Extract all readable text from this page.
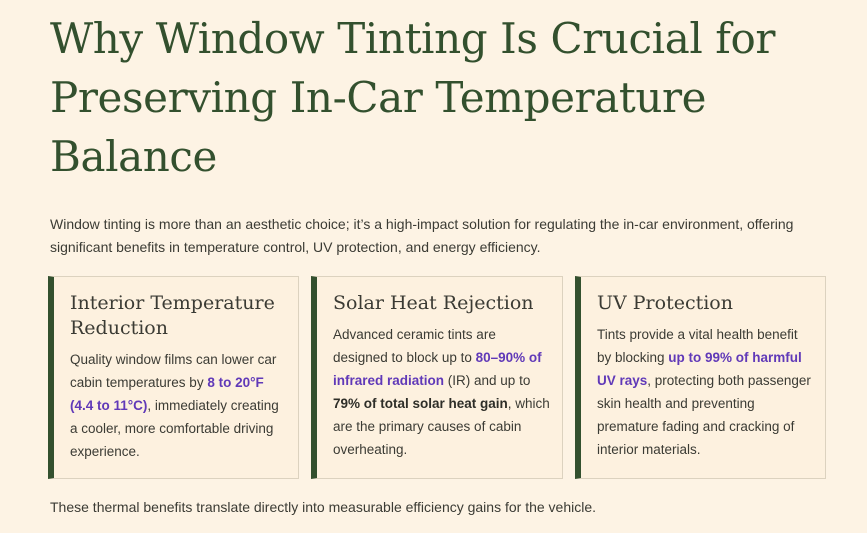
Why Window Tinting Is Crucial for Preserving In-Car Temperature Balance

Window tinting is more than an aesthetic choice; it’s a high-impact solution for regulating the in-car environment, offering significant benefits in temperature control, UV protection, and energy efficiency.

Interior Temperature Reduction

Quality window films can lower car cabin temperatures by 8 to 20°F (4.4 to 11°C), immediately creating a cooler, more comfortable driving experience.

Solar Heat Rejection

Advanced ceramic tints are designed to block up to 80–90% of infrared radiation (IR) and up to 79% of total solar heat gain, which are the primary causes of cabin overheating.

UV Protection

Tints provide a vital health benefit by blocking up to 99% of harmful UV rays, protecting both passenger skin health and preventing premature fading and cracking of interior materials.

These thermal benefits translate directly into measurable efficiency gains for the vehicle.
